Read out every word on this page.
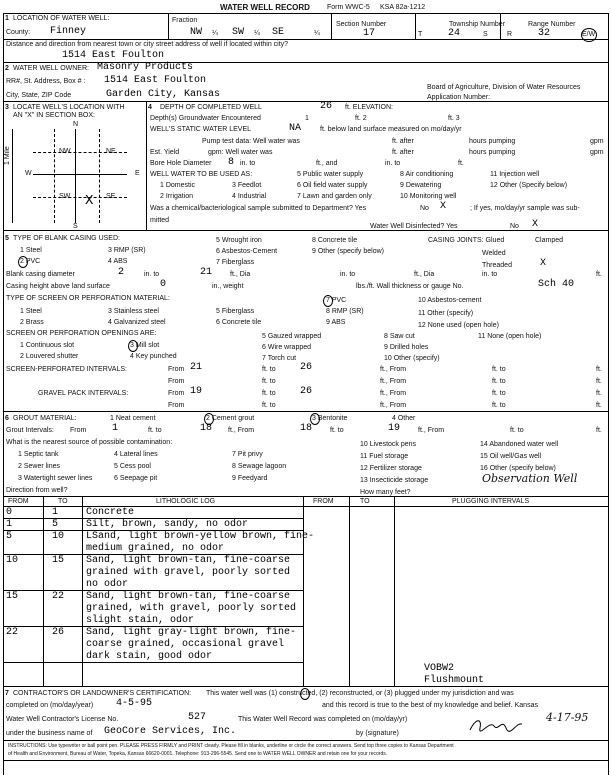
WATER WELL RECORD Form WWC-5 KSA 82a-1212
1 LOCATION OF WATER WELL:
County: Finney
Fraction
NW ¼ SW ¼ SE	¼
Section Number
17
Township Number
T	24	S
Range Number
R	32	E/W
Distance and direction from nearest town or city street address of well if located within city?
1514 East Foulton
2 WATER WELL OWNER: Masonry Products
RR#, St. Address, Box # : 1514 East Foulton
City, State, ZIP Code	Garden City, Kansas
Board of Agriculture, Division of Water Resources
Application Number:
3 LOCATE WELL'S LOCATION WITH
AN "X" IN SECTION BOX:
4
N
S
E
W
NW	NE
SW	SE
X
1 Mile
DEPTH OF COMPLETED WELL	26 ft. ELEVATION:
Depth(s) Groundwater Encountered	1	ft. 2	ft. 3
WELL'S STATIC WATER LEVEL	NA	ft. below land surface measured on mo/day/yr
Pump test data: Well water was	ft. after	hours pumping	gpm
Est. Yield	gpm: Well water was	ft. after	hours pumping	gpm
Bore Hole Diameter 8 in. to	ft., and	in. to	ft.
WELL WATER TO BE USED AS:	5 Public water supply	8 Air conditioning	11 Injection well
1 Domestic	3 Feedlot	6 Oil field water supply	9 Dewatering	12 Other (Specify below)
2 Irrigation	4 Industrial	7 Lawn and garden only	10 Monitoring well
Was a chemical/bacteriological sample submitted to Department? Yes	No X	; If yes, mo/day/yr sample was sub-
mitted
Water Well Disinfected? Yes	No X
5 TYPE OF BLANK CASING USED:
1 Steel
2 PVC
3 RMP (SR)
4 ABS
5 Wrought iron
6 Asbestos-Cement
7 Fiberglass
8 Concrete tile
9 Other (specify below)
CASING JOINTS: Glued	Clamped
Welded
Threaded	X
Blank casing diameter	2	in. to	21	ft., Dia	in. to	ft., Dia	in. to	ft.
Casing height above land surface	0	in., weight	lbs./ft. Wall thickness or gauge No.	Sch 40
TYPE OF SCREEN OR PERFORATION MATERIAL:	7 PVC	10 Asbestos-cement
1 Steel	3 Stainless steel	5 Fiberglass	8 RMP (SR)	11 Other (specify)
2 Brass	4 Galvanized steel	6 Concrete tile	9 ABS	12 None used (open hole)
SCREEN OR PERFORATION OPENINGS ARE:	5 Gauzed wrapped	8 Saw cut	11 None (open hole)
1 Continuous slot	3 Mill slot	6 Wire wrapped	9 Drilled holes
2 Louvered shutter	4 Key punched	7 Torch cut	10 Other (specify)
SCREEN-PERFORATED INTERVALS:	From 21	ft. to 26	ft., From	ft. to	ft.
From	ft. to	ft., From	ft. to	ft.
GRAVEL PACK INTERVALS:	From 19	ft. to 26	ft., From	ft. to	ft.
From	ft. to	ft., From	ft. to	ft.
6 GROUT MATERIAL:	1 Neat cement	2 Cement grout	3 Bentonite	4 Other
Grout Intervals: From	1	ft. to	18 ft., From	18	ft. to	19	ft., From	ft. to	ft.
What is the nearest source of possible contamination:	10 Livestock pens	14 Abandoned water well
1 Septic tank	4 Lateral lines	7 Pit privy	11 Fuel storage	15 Oil well/Gas well
2 Sewer lines	5 Cess pool	8 Sewage lagoon	12 Fertilizer storage	16 Other (specify below)
3 Watertight sewer lines	6 Seepage pit	9 Feedyard	13 Insecticide storage	Observation Well
Direction from well?	How many feet?
FROM	TO	LITHOLOGIC LOG	FROM	TO	PLUGGING INTERVALS
0	1	Concrete
1	5	Silt, brown, sandy, no odor
5	10 LSand, light brown-yellow brown, fine-
medium grained, no odor
10	15 Sand, light brown-tan, fine-coarse
grained with gravel, poorly sorted
no odor
15	22 Sand, light brown-tan, fine-coarse
grained, with gravel, poorly sorted
slight stain, odor
22	26 Sand, light gray-light brown, fine-
coarse grained, occasional gravel
dark stain, good odor
VOBW2
Flushmount
7 CONTRACTOR'S OR LANDOWNER'S CERTIFICATION: This water well was (1) constructed, (2) reconstructed, or (3) plugged under my jurisdiction and was
completed on (mo/day/year) 4-5-95	and this record is true to the best of my knowledge and belief. Kansas
Water Well Contractor's License No.	527	This Water Well Record was completed on (mo/day/yr)	4-17-95
under the business name of GeoCore Services, Inc.	by (signature)
INSTRUCTIONS: Use typewriter or ball point pen. PLEASE PRESS FIRMLY and PRINT clearly. Please fill in blanks, underline or circle the correct answers. Send top three copies to Kansas Department
of Health and Environment, Bureau of Water, Topeka, Kansas 66620-0001. Telephone: 913-296-5545. Send one to WATER WELL OWNER and retain one for your records.
